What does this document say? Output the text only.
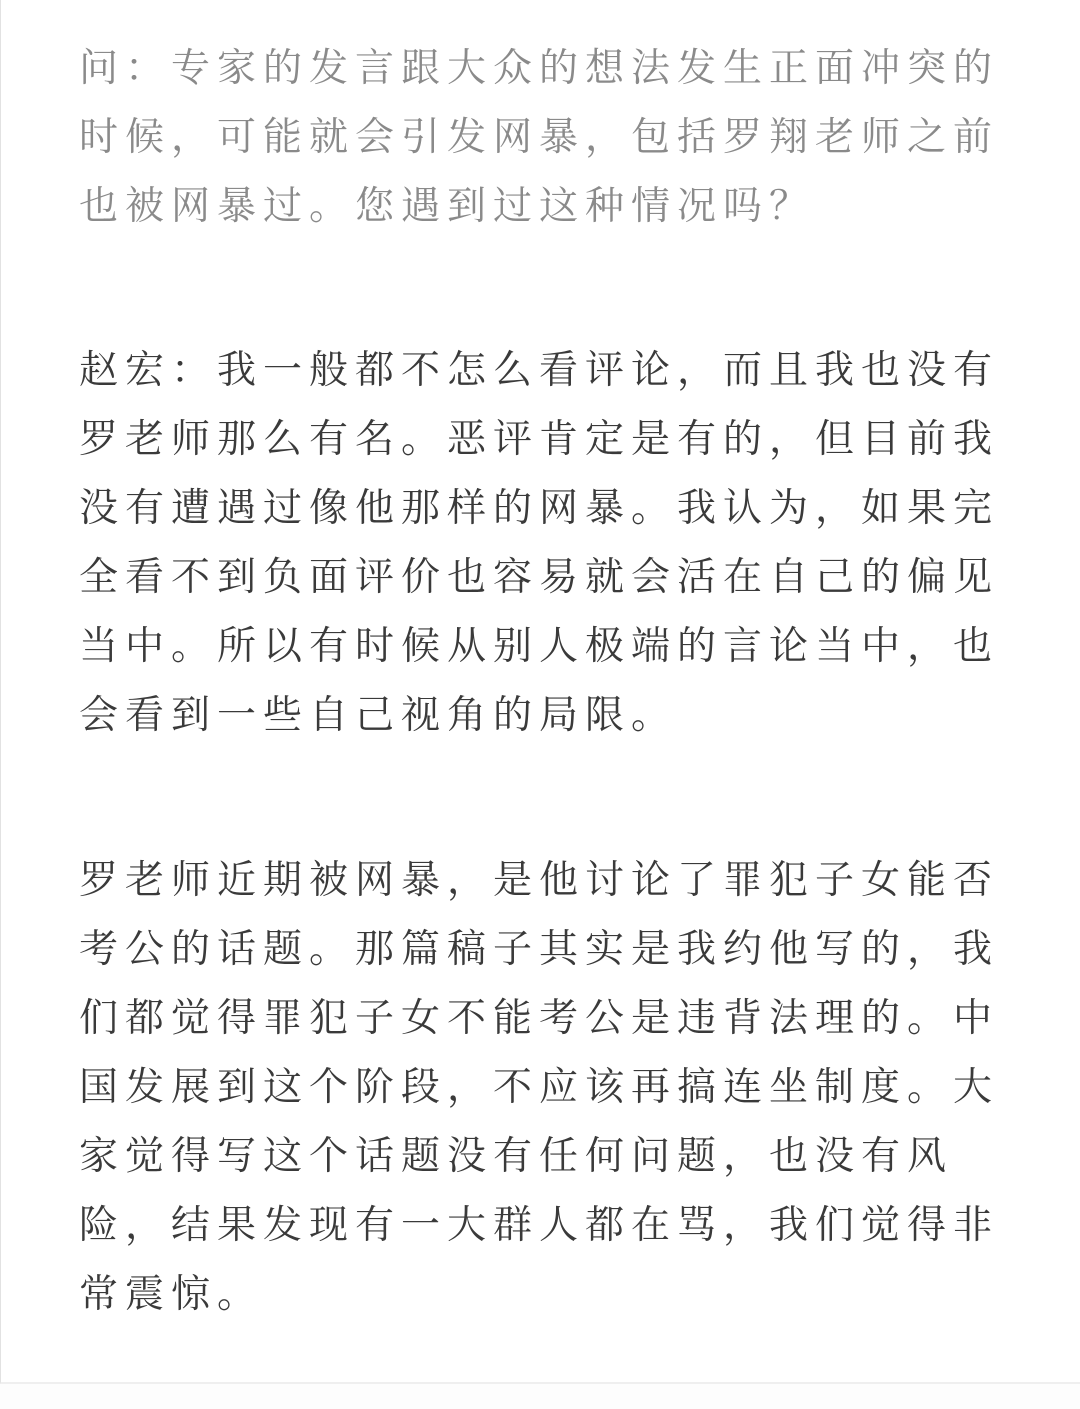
问：专家的发言跟大众的想法发生正面冲突的
时候，可能就会引发网暴，包括罗翔老师之前
也被网暴过。您遇到过这种情况吗？
赵宏：我一般都不怎么看评论，而且我也没有
罗老师那么有名。恶评肯定是有的，但目前我
没有遭遇过像他那样的网暴。我认为，如果完
全看不到负面评价也容易就会活在自己的偏见
当中。所以有时候从别人极端的言论当中，也
会看到一些自己视角的局限。
罗老师近期被网暴，是他讨论了罪犯子女能否
考公的话题。那篇稿子其实是我约他写的，我
们都觉得罪犯子女不能考公是违背法理的。中
国发展到这个阶段，不应该再搞连坐制度。大
家觉得写这个话题没有任何问题，也没有风
险，结果发现有一大群人都在骂，我们觉得非
常震惊。
